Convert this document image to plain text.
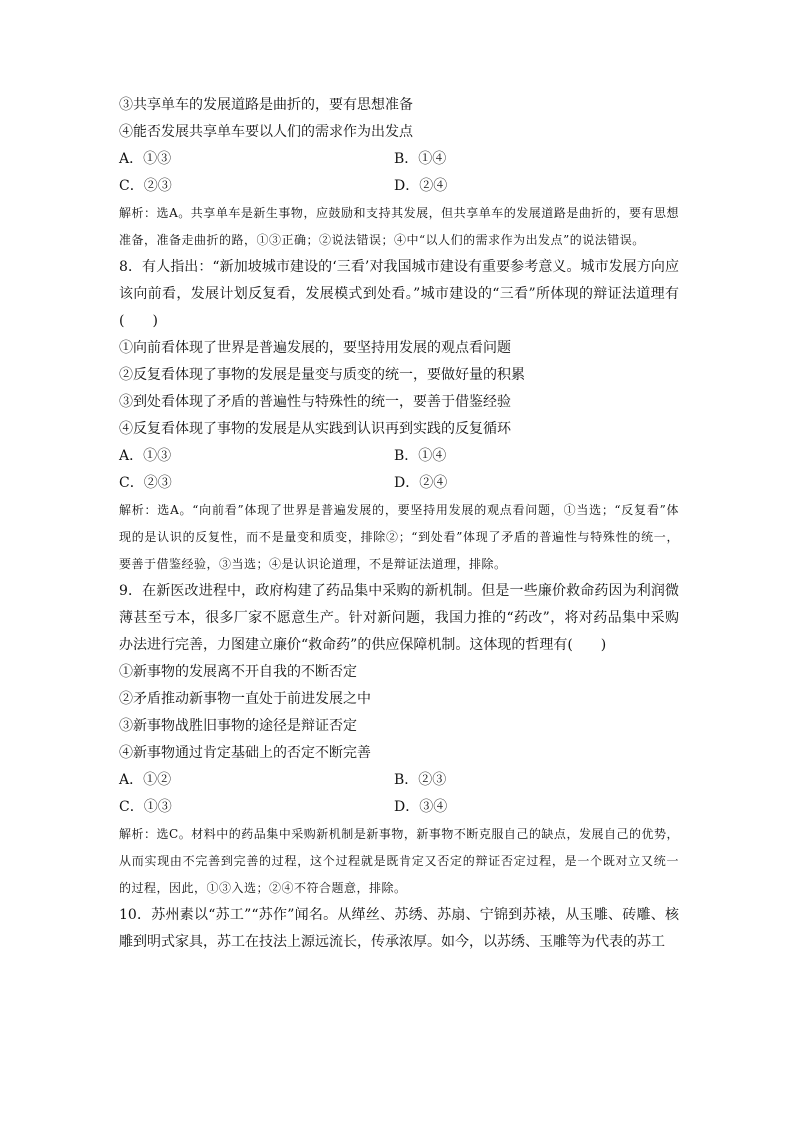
③共享单车的发展道路是曲折的，要有思想准备
④能否发展共享单车要以人们的需求作为出发点
A．①③	B．①④
C．②③	D．②④
解析：选A。共享单车是新生事物，应鼓励和支持其发展，但共享单车的发展道路是曲折的，要有思想准备，准备走曲折的路，①③正确；②说法错误；④中“以人们的需求作为出发点”的说法错误。
8．有人指出：“新加坡城市建设的‘三看’对我国城市建设有重要参考意义。城市发展方向应该向前看，发展计划反复看，发展模式到处看。”城市建设的“三看”所体现的辩证法道理有(　　)
①向前看体现了世界是普遍发展的，要坚持用发展的观点看问题
②反复看体现了事物的发展是量变与质变的统一，要做好量的积累
③到处看体现了矛盾的普遍性与特殊性的统一，要善于借鉴经验
④反复看体现了事物的发展是从实践到认识再到实践的反复循环
A．①③	B．①④
C．②③	D．②④
解析：选A。“向前看”体现了世界是普遍发展的，要坚持用发展的观点看问题，①当选；“反复看”体现的是认识的反复性，而不是量变和质变，排除②；“到处看”体现了矛盾的普遍性与特殊性的统一，要善于借鉴经验，③当选；④是认识论道理，不是辩证法道理，排除。
9．在新医改进程中，政府构建了药品集中采购的新机制。但是一些廉价救命药因为利润微薄甚至亏本，很多厂家不愿意生产。针对新问题，我国力推的“药改”，将对药品集中采购办法进行完善，力图建立廉价“救命药”的供应保障机制。这体现的哲理有(　　)
①新事物的发展离不开自我的不断否定
②矛盾推动新事物一直处于前进发展之中
③新事物战胜旧事物的途径是辩证否定
④新事物通过肯定基础上的否定不断完善
A．①②	B．②③
C．①③	D．③④
解析：选C。材料中的药品集中采购新机制是新事物，新事物不断克服自己的缺点，发展自己的优势，从而实现由不完善到完善的过程，这个过程就是既肯定又否定的辩证否定过程，是一个既对立又统一的过程，因此，①③入选；②④不符合题意，排除。
10．苏州素以“苏工”“苏作”闻名。从缂丝、苏绣、苏扇、宁锦到苏裱，从玉雕、砖雕、核雕到明式家具，苏工在技法上源远流长，传承浓厚。如今，以苏绣、玉雕等为代表的苏工
